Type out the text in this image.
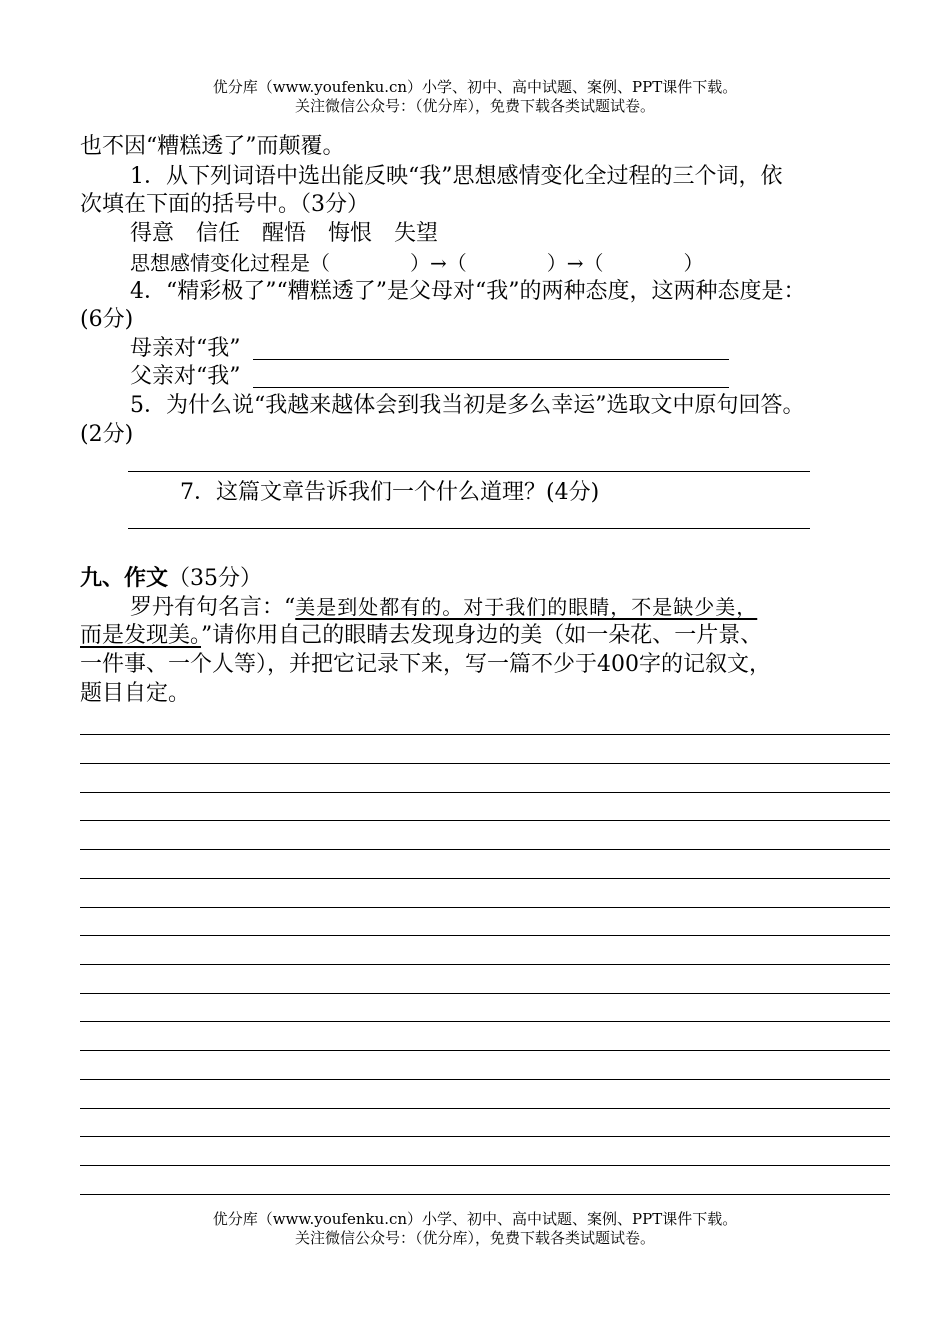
优分库（www.youfenku.cn）小学、初中、高中试题、案例、PPT课件下载。
关注微信公众号：（优分库），免费下载各类试题试卷。
也不因“糟糕透了”而颠覆。
1．从下列词语中选出能反映“我”思想感情变化全过程的三个词，依
次填在下面的括号中。（3分）
得意　信任　醒悟　悔恨　失望
思想感情变化过程是（　　　　）→（　　　　）→（　　　　）
4．“精彩极了”“糟糕透了”是父母对“我”的两种态度，这两种态度是：
(6分)
母亲对“我”
父亲对“我”
5．为什么说“我越来越体会到我当初是多么幸运”选取文中原句回答。
(2分)
7．这篇文章告诉我们一个什么道理？(4分)
九、作文（35分）
罗丹有句名言：“美是到处都有的。对于我们的眼睛，不是缺少美，
而是发现美。”请你用自己的眼睛去发现身边的美（如一朵花、一片景、
一件事、一个人等），并把它记录下来，写一篇不少于400字的记叙文，
题目自定。
优分库（www.youfenku.cn）小学、初中、高中试题、案例、PPT课件下载。
关注微信公众号：（优分库），免费下载各类试题试卷。
